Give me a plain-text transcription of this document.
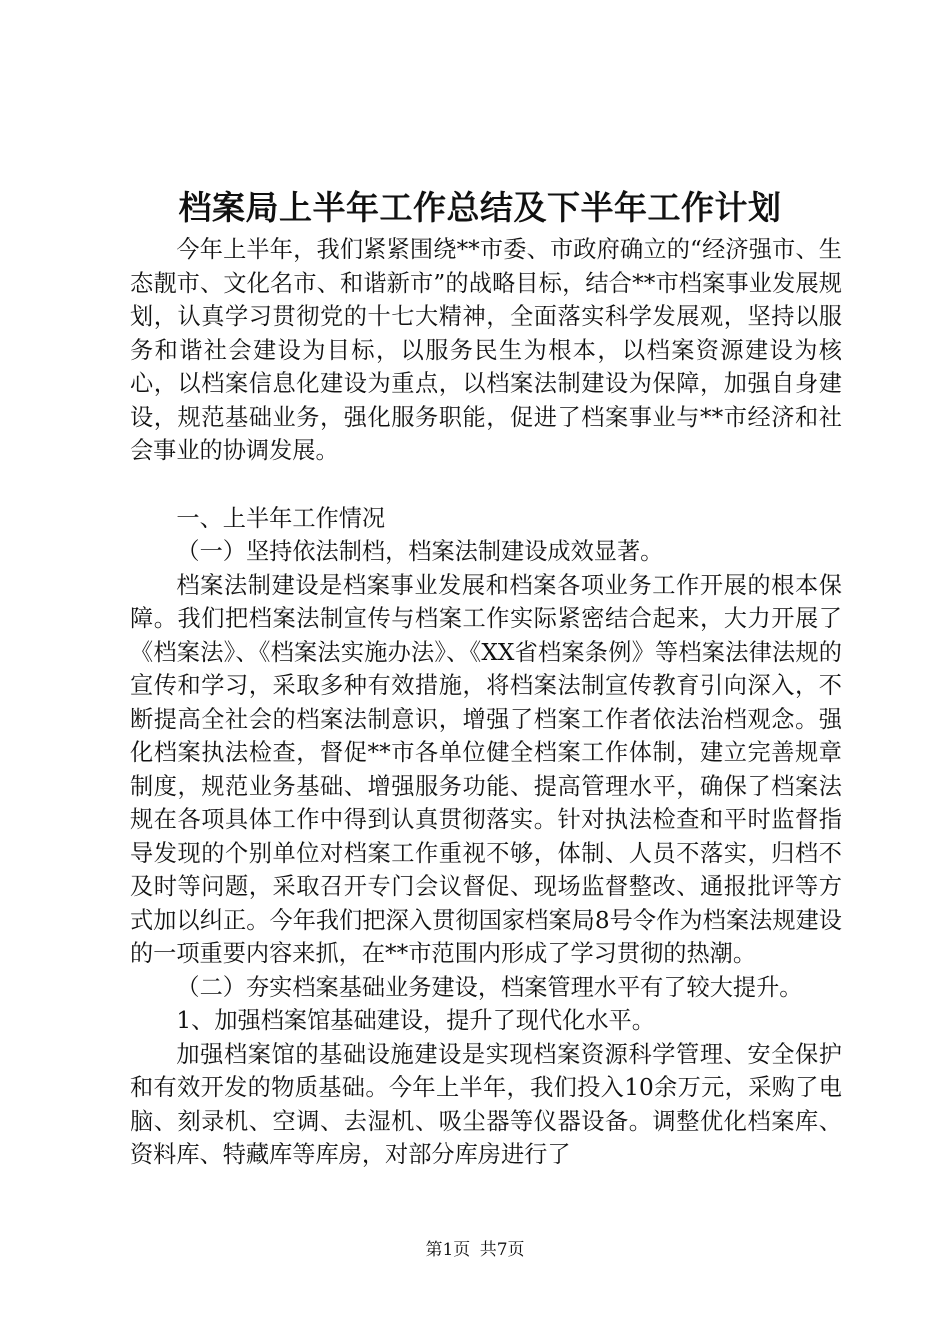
档案局上半年工作总结及下半年工作计划

今年上半年，我们紧紧围绕**市委、市政府确立的“经济强市、生态靓市、文化名市、和谐新市”的战略目标，结合**市档案事业发展规划，认真学习贯彻党的十七大精神，全面落实科学发展观，坚持以服务和谐社会建设为目标，以服务民生为根本，以档案资源建设为核心，以档案信息化建设为重点，以档案法制建设为保障，加强自身建设，规范基础业务，强化服务职能，促进了档案事业与**市经济和社会事业的协调发展。

一、上半年工作情况

（一）坚持依法制档，档案法制建设成效显著。

档案法制建设是档案事业发展和档案各项业务工作开展的根本保障。我们把档案法制宣传与档案工作实际紧密结合起来，大力开展了《档案法》、《档案法实施办法》、《XX省档案条例》等档案法律法规的宣传和学习，采取多种有效措施，将档案法制宣传教育引向深入，不断提高全社会的档案法制意识，增强了档案工作者依法治档观念。强化档案执法检查，督促**市各单位健全档案工作体制，建立完善规章制度，规范业务基础、增强服务功能、提高管理水平，确保了档案法规在各项具体工作中得到认真贯彻落实。针对执法检查和平时监督指导发现的个别单位对档案工作重视不够，体制、人员不落实，归档不及时等问题，采取召开专门会议督促、现场监督整改、通报批评等方式加以纠正。今年我们把深入贯彻国家档案局8号令作为档案法规建设的一项重要内容来抓，在**市范围内形成了学习贯彻的热潮。

（二）夯实档案基础业务建设，档案管理水平有了较大提升。

1、加强档案馆基础建设，提升了现代化水平。

加强档案馆的基础设施建设是实现档案资源科学管理、安全保护和有效开发的物质基础。今年上半年，我们投入10余万元，采购了电脑、刻录机、空调、去湿机、吸尘器等仪器设备。调整优化档案库、资料库、特藏库等库房，对部分库房进行了

第1页 共7页
